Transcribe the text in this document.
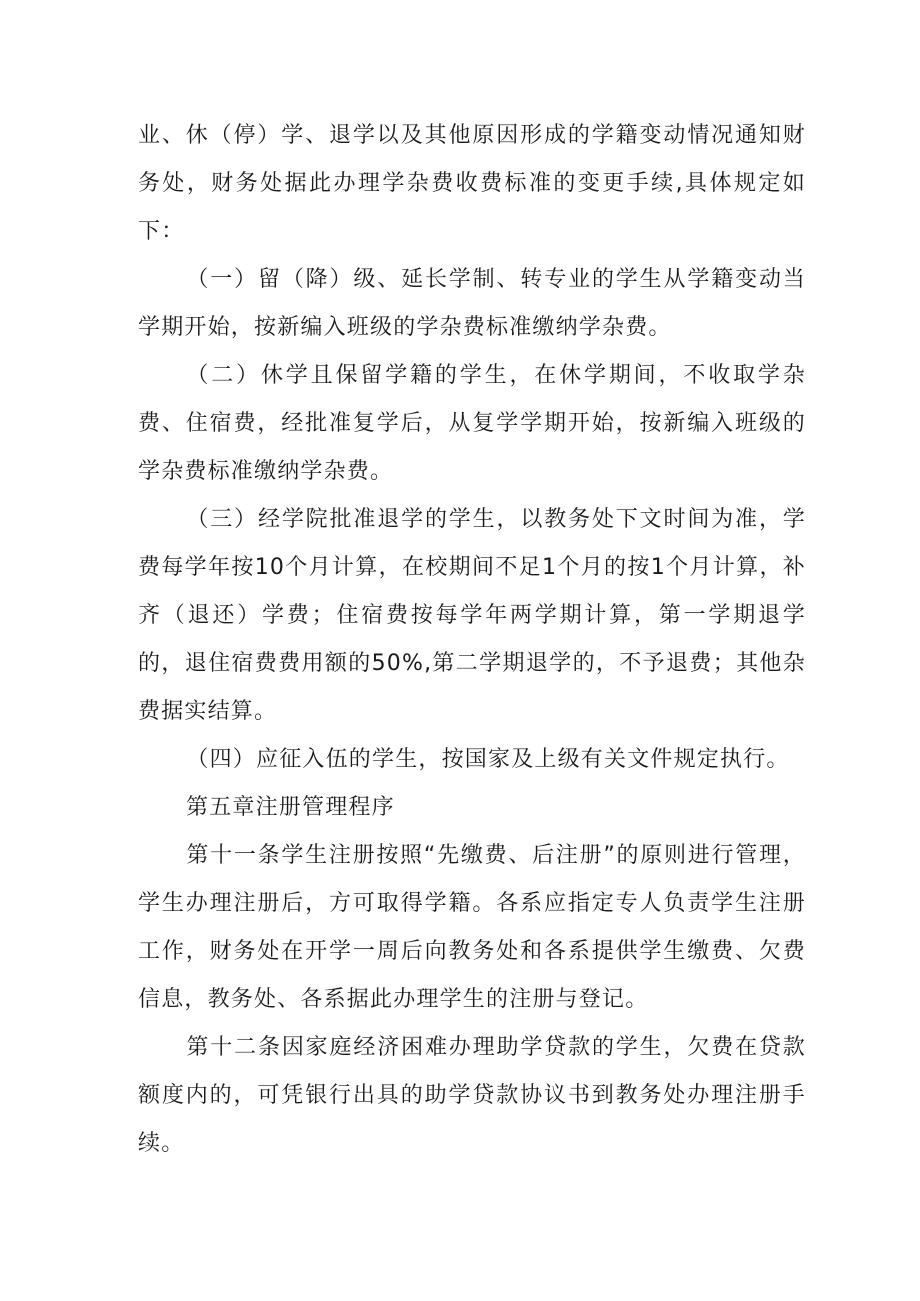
业、休（停）学、退学以及其他原因形成的学籍变动情况通知财务处，财务处据此办理学杂费收费标准的变更手续,具体规定如下：

（一）留（降）级、延长学制、转专业的学生从学籍变动当学期开始，按新编入班级的学杂费标准缴纳学杂费。

（二）休学且保留学籍的学生，在休学期间，不收取学杂费、住宿费，经批准复学后，从复学学期开始，按新编入班级的学杂费标准缴纳学杂费。

（三）经学院批准退学的学生，以教务处下文时间为准，学费每学年按10个月计算，在校期间不足1个月的按1个月计算，补齐（退还）学费；住宿费按每学年两学期计算，第一学期退学的，退住宿费费用额的50%,第二学期退学的，不予退费；其他杂费据实结算。

（四）应征入伍的学生，按国家及上级有关文件规定执行。

第五章注册管理程序

第十一条学生注册按照“先缴费、后注册”的原则进行管理，学生办理注册后，方可取得学籍。各系应指定专人负责学生注册工作，财务处在开学一周后向教务处和各系提供学生缴费、欠费信息，教务处、各系据此办理学生的注册与登记。

第十二条因家庭经济困难办理助学贷款的学生，欠费在贷款额度内的，可凭银行出具的助学贷款协议书到教务处办理注册手续。
